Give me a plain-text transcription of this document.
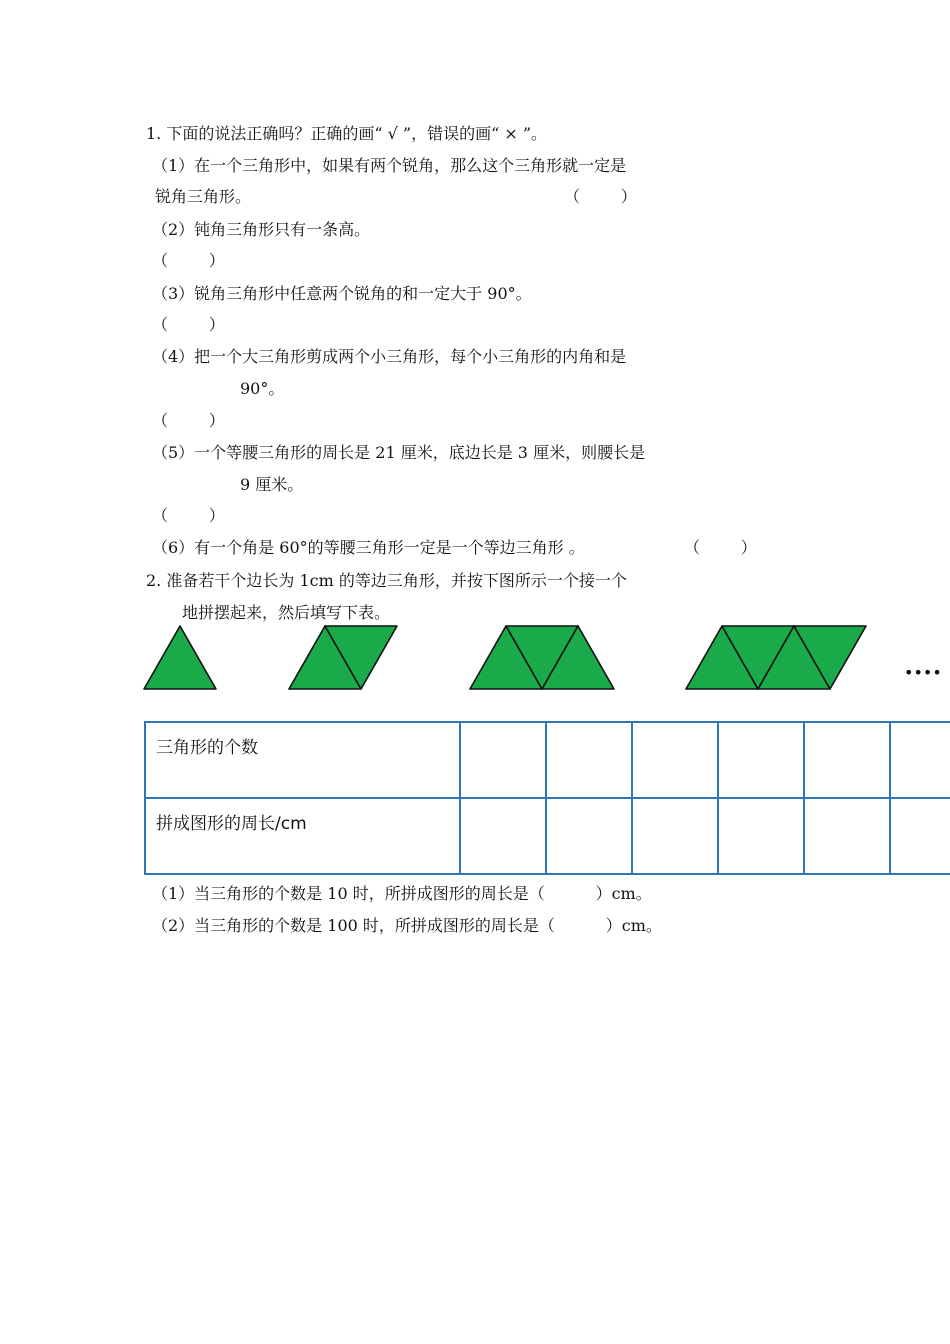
1. 下面的说法正确吗？正确的画“ √ ”，错误的画“ × ”。
（1）在一个三角形中，如果有两个锐角，那么这个三角形就一定是
锐角三角形。	（        ）
（2）钝角三角形只有一条高。
（        ）
（3）锐角三角形中任意两个锐角的和一定大于 90°。
（        ）
（4）把一个大三角形剪成两个小三角形，每个小三角形的内角和是
90°。
（        ）
（5）一个等腰三角形的周长是 21 厘米，底边长是 3 厘米，则腰长是
9 厘米。
（        ）
（6）有一个角是 60°的等腰三角形一定是一个等边三角形 。	（        ）
2. 准备若干个边长为 1cm 的等边三角形，并按下图所示一个接一个
地拼摆起来，然后填写下表。
••••
三角形的个数						
拼成图形的周长/cm						
（1）当三角形的个数是 10 时，所拼成图形的周长是（          ）cm。
（2）当三角形的个数是 100 时，所拼成图形的周长是（          ）cm。
